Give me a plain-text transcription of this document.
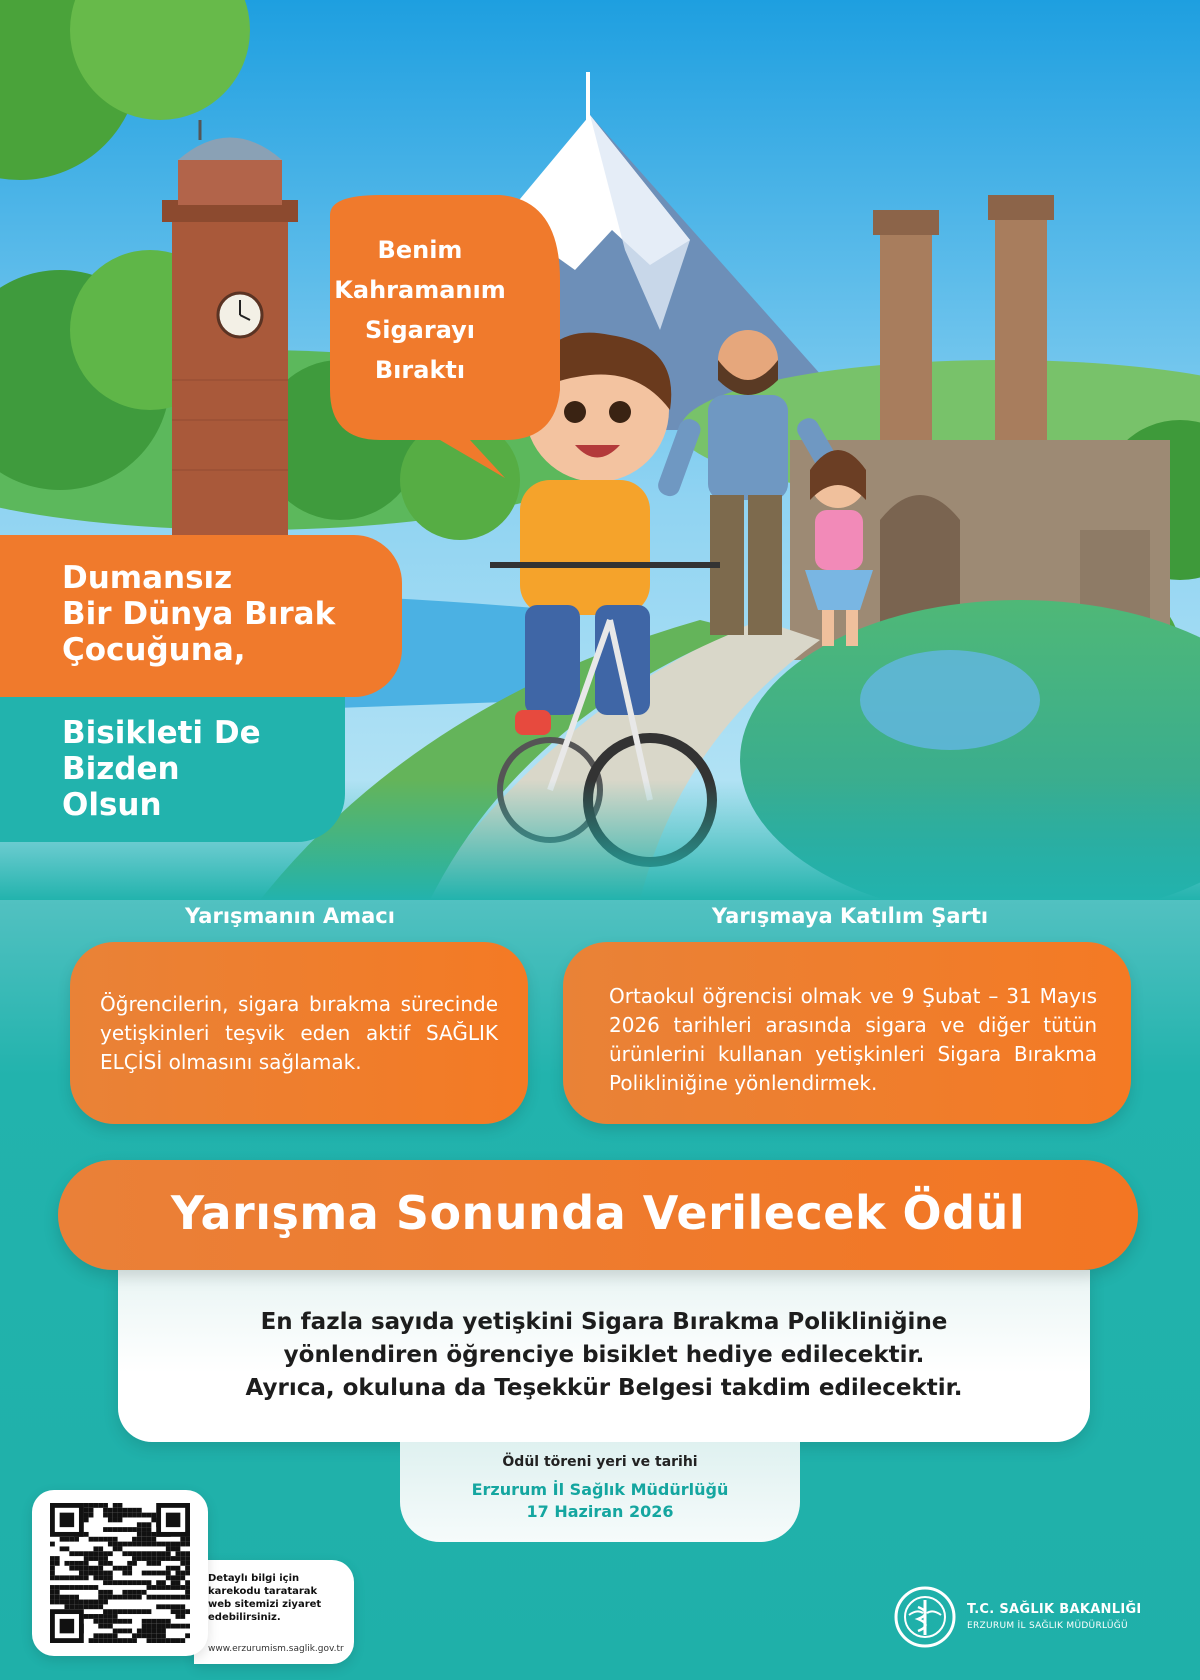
Benim
Kahramanım
Sigarayı
Bıraktı
Dumansız
Bir Dünya Bırak
Çocuğuna,
Bisikleti De
Bizden
Olsun
Yarışmanın Amacı	Yarışmaya Katılım Şartı
Öğrencilerin, sigara bırakma sürecinde yetişkinleri teşvik eden aktif SAĞLIK ELÇİSİ olmasını sağlamak.
Ortaokul öğrencisi olmak ve 9 Şubat – 31 Mayıs 2026 tarihleri arasında sigara ve diğer tütün ürünlerini kullanan yetişkinleri Sigara Bırakma Polikliniğine yönlendirmek.
En fazla sayıda yetişkini Sigara Bırakma Polikliniğine
yönlendiren öğrenciye bisiklet hediye edilecektir.
Ayrıca, okuluna da Teşekkür Belgesi takdim edilecektir.
Yarışma Sonunda Verilecek Ödül
Ödül töreni yeri ve tarihi
Erzurum İl Sağlık Müdürlüğü
17 Haziran 2026
Detaylı bilgi için
karekodu taratarak
web sitemizi ziyaret
edebilirsiniz.
www.erzurumism.saglik.gov.tr
T.C. SAĞLIK BAKANLIĞI
ERZURUM İL SAĞLIK MÜDÜRLÜĞÜ
